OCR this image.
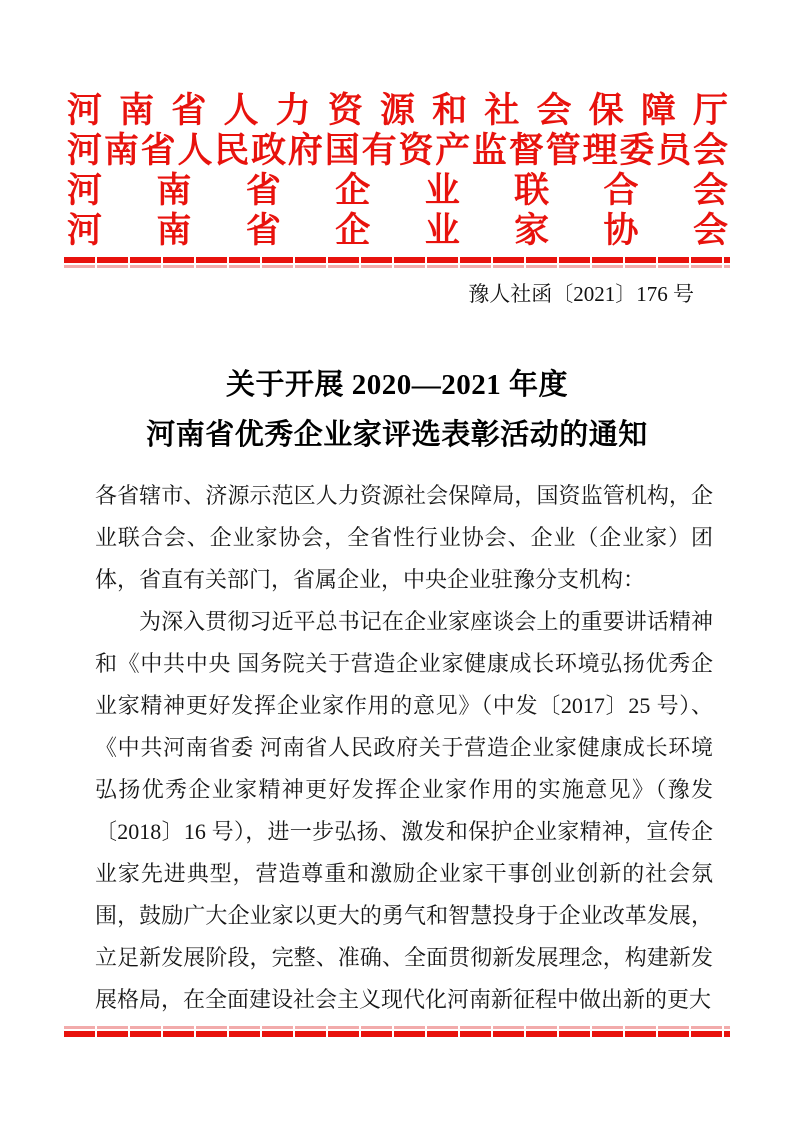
河南省人力资源和社会保障厅
河南省人民政府国有资产监督管理委员会
河南省企业联合会
河南省企业家协会
豫人社函〔2021〕176 号
关于开展 2020—2021 年度
河南省优秀企业家评选表彰活动的通知

各省辖市、济源示范区人力资源社会保障局，国资监管机构，企业联合会、企业家协会，全省性行业协会、企业（企业家）团体，省直有关部门，省属企业，中央企业驻豫分支机构：

为深入贯彻习近平总书记在企业家座谈会上的重要讲话精神和《中共中央 国务院关于营造企业家健康成长环境弘扬优秀企业家精神更好发挥企业家作用的意见》（中发〔2017〕25 号）、《中共河南省委 河南省人民政府关于营造企业家健康成长环境弘扬优秀企业家精神更好发挥企业家作用的实施意见》（豫发〔2018〕16 号），进一步弘扬、激发和保护企业家精神，宣传企业家先进典型，营造尊重和激励企业家干事创业创新的社会氛围，鼓励广大企业家以更大的勇气和智慧投身于企业改革发展，立足新发展阶段，完整、准确、全面贯彻新发展理念，构建新发展格局，在全面建设社会主义现代化河南新征程中做出新的更大
